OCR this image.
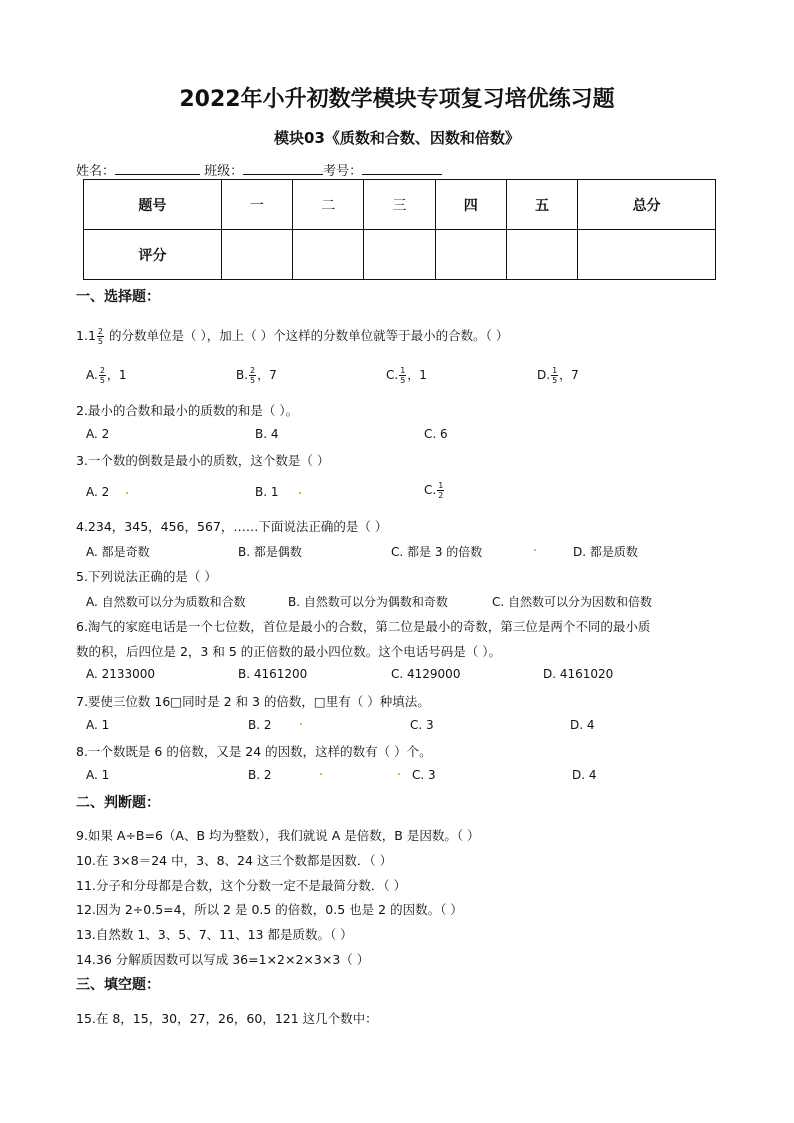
2022年小升初数学模块专项复习培优练习题
模块03《质数和合数、因数和倍数》
姓名：	班级：	考号：
题号	一	二	三	四	五	总分
评分						
一、选择题：
$1.1 \frac{2}{5}$ 的分数单位是（ ），加上（ ）个这样的分数单位就等于最小的合数。（ ）
A. $\frac{2}{5}$ ，1	B. $\frac{2}{5}$ ，7	C. $\frac{1}{5}$ ，1	D. $\frac{1}{5}$ ，7
2.最小的合数和最小的质数的和是（ ）。
A. 2	B. 4	C. 6
3.一个数的倒数是最小的质数，这个数是（ ）
A. 2	B. 1	C. $\frac{1}{2}$
4.234，345，456，567，……下面说法正确的是（ ）
A. 都是奇数	B. 都是偶数	C. 都是 3 的倍数	D. 都是质数
5.下列说法正确的是（ ）
A. 自然数可以分为质数和合数	B. 自然数可以分为偶数和奇数	C. 自然数可以分为因数和倍数
6.淘气的家庭电话是一个七位数，首位是最小的合数，第二位是最小的奇数，第三位是两个不同的最小质
数的积，后四位是 2，3 和 5 的正倍数的最小四位数。这个电话号码是（ ）。
A. 2133000	B. 4161200	C. 4129000	D. 4161020
7.要使三位数 16□同时是 2 和 3 的倍数，□里有（ ）种填法。
A. 1	B. 2	C. 3	D. 4
8.一个数既是 6 的倍数，又是 24 的因数，这样的数有（ ）个。
A. 1	B. 2	C. 3	D. 4
二、判断题：
9.如果 A÷B=6（A、B 均为整数），我们就说 A 是倍数，B 是因数。（ ）
10.在 3×8＝24 中，3、8、24 这三个数都是因数．（ ）
11.分子和分母都是合数，这个分数一定不是最简分数．（ ）
12.因为 2÷0.5=4，所以 2 是 0.5 的倍数，0.5 也是 2 的因数。（ ）
13.自然数 1、3、5、7、11、13 都是质数。（ ）
14.36 分解质因数可以写成 36=1×2×2×3×3（ ）
三、填空题：
15.在 8，15，30，27，26，60，121 这几个数中：
